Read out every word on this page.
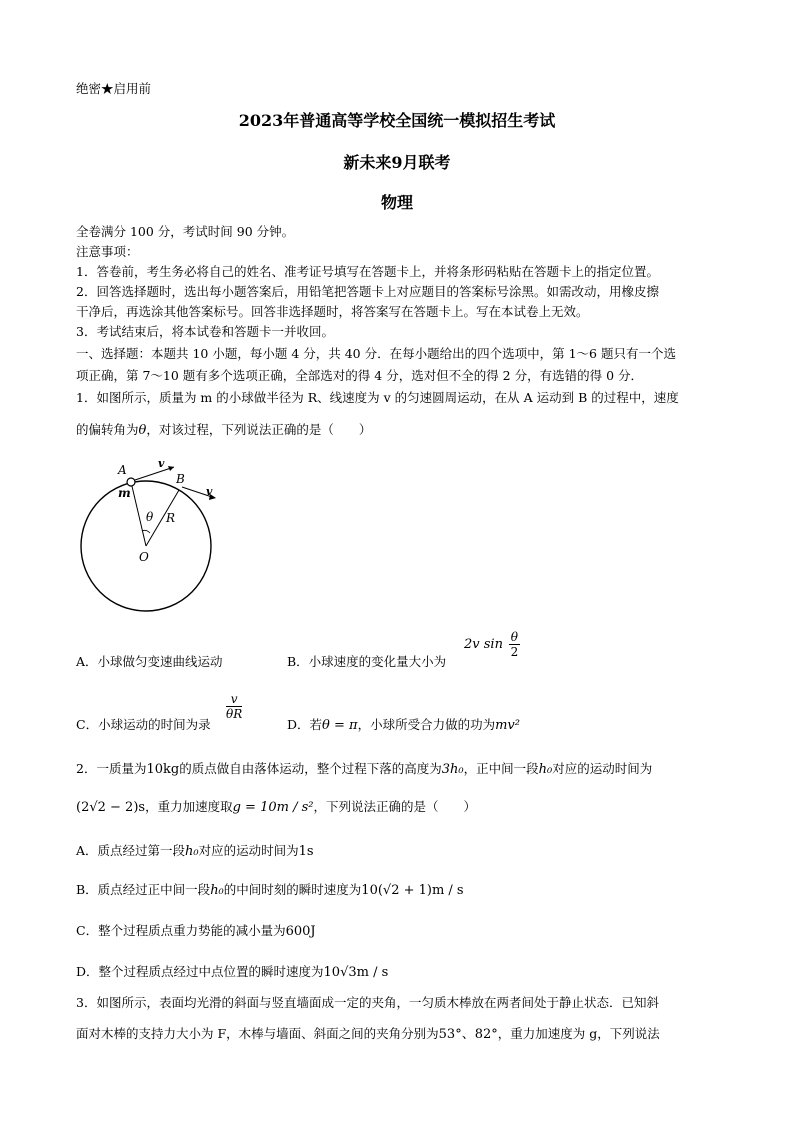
绝密★启用前
2023年普通高等学校全国统一模拟招生考试
新未来9月联考
物理
全卷满分 100 分，考试时间 90 分钟。
注意事项：
1．答卷前，考生务必将自己的姓名、准考证号填写在答题卡上，并将条形码粘贴在答题卡上的指定位置。
2．回答选择题时，选出每小题答案后，用铅笔把答题卡上对应题目的答案标号涂黑。如需改动，用橡皮擦
干净后，再选涂其他答案标号。回答非选择题时，将答案写在答题卡上。写在本试卷上无效。
3．考试结束后，将本试卷和答题卡一并收回。
一、选择题：本题共 10 小题，每小题 4 分，共 40 分．在每小题给出的四个选项中，第 1～6 题只有一个选
项正确，第 7～10 题有多个选项正确，全部选对的得 4 分，选对但不全的得 2 分，有选错的得 0 分．
1．如图所示，质量为 m 的小球做半径为 R、线速度为 v 的匀速圆周运动，在从 A 运动到 B 的过程中，速度
的偏转角为θ，对该过程，下列说法正确的是（　　）
A
m
v
B
v
θ R
O
A．小球做匀变速曲线运动	B．小球速度的变化量大小为
2v $\sin \frac{\theta}{2}$
C．小球运动的时间为录
$\frac{v}{\theta R}$
D．若θ = π，小球所受合力做的功为mv²
2．一质量为10kg的质点做自由落体运动，整个过程下落的高度为3h₀，正中间一段h₀对应的运动时间为
(2√2 − 2)s，重力加速度取g = 10m / s²，下列说法正确的是（　　）
A．质点经过第一段h₀对应的运动时间为1s
B．质点经过正中间一段h₀的中间时刻的瞬时速度为10(√2 + 1)m / s
C．整个过程质点重力势能的减小量为600J
D．整个过程质点经过中点位置的瞬时速度为10√3m / s
3．如图所示，表面均光滑的斜面与竖直墙面成一定的夹角，一匀质木棒放在两者间处于静止状态．已知斜
面对木棒的支持力大小为 F，木棒与墙面、斜面之间的夹角分别为53°、82°，重力加速度为 g，下列说法
